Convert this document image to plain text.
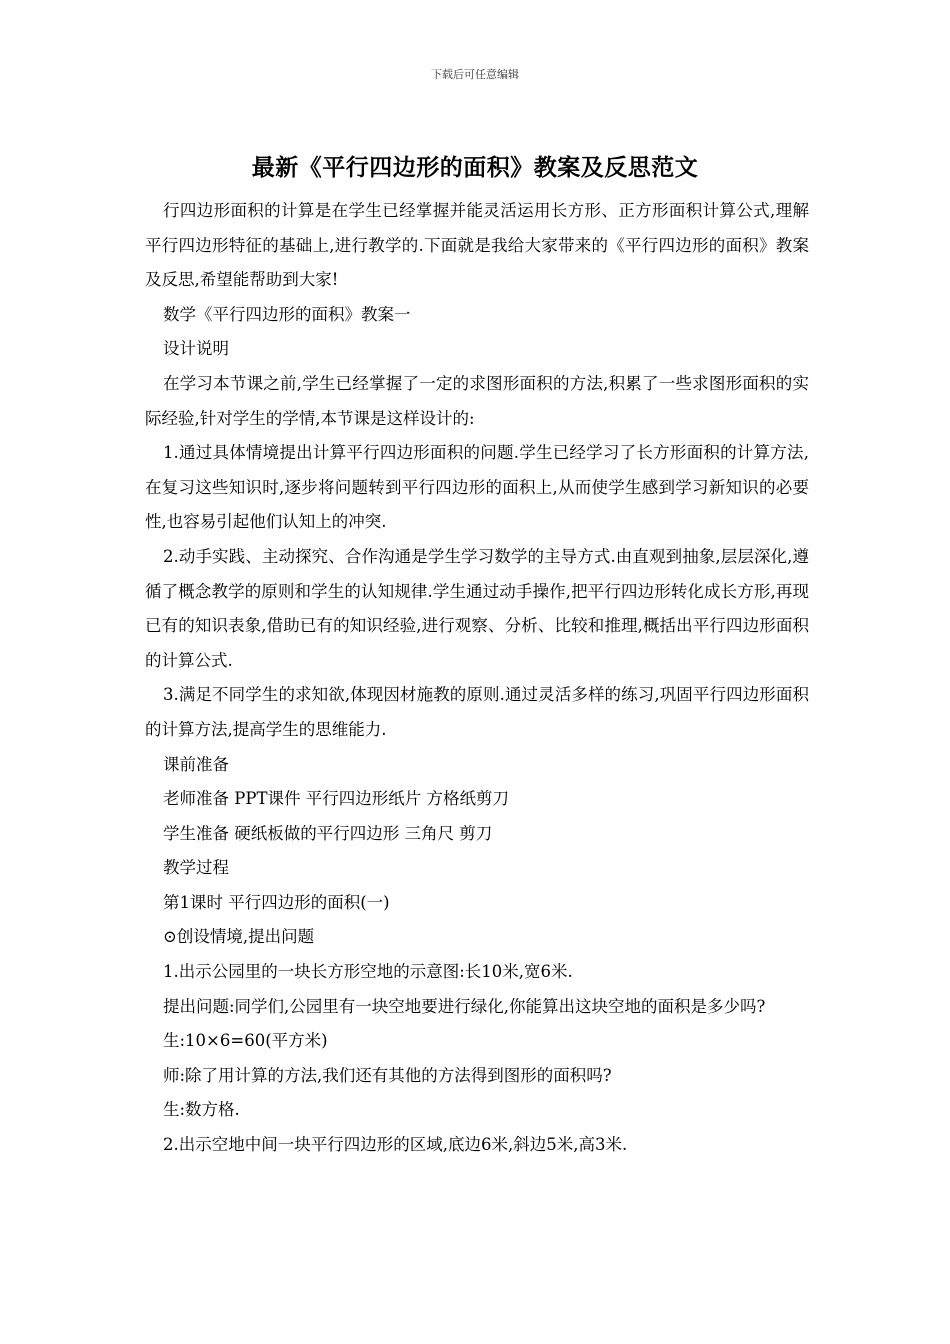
下载后可任意编辑
最新《平行四边形的面积》教案及反思范文

行四边形面积的计算是在学生已经掌握并能灵活运用长方形、正方形面积计算公式,理解平行四边形特征的基础上,进行教学的.下面就是我给大家带来的《平行四边形的面积》教案及反思,希望能帮助到大家!

数学《平行四边形的面积》教案一

设计说明

在学习本节课之前,学生已经掌握了一定的求图形面积的方法,积累了一些求图形面积的实际经验,针对学生的学情,本节课是这样设计的:

1.通过具体情境提出计算平行四边形面积的问题.学生已经学习了长方形面积的计算方法,在复习这些知识时,逐步将问题转到平行四边形的面积上,从而使学生感到学习新知识的必要性,也容易引起他们认知上的冲突.

2.动手实践、主动探究、合作沟通是学生学习数学的主导方式.由直观到抽象,层层深化,遵循了概念教学的原则和学生的认知规律.学生通过动手操作,把平行四边形转化成长方形,再现已有的知识表象,借助已有的知识经验,进行观察、分析、比较和推理,概括出平行四边形面积的计算公式.

3.满足不同学生的求知欲,体现因材施教的原则.通过灵活多样的练习,巩固平行四边形面积的计算方法,提高学生的思维能力.

课前准备

老师准备 PPT课件 平行四边形纸片 方格纸剪刀

学生准备 硬纸板做的平行四边形 三角尺 剪刀

教学过程

第1课时 平行四边形的面积(一)

⊙创设情境,提出问题

1.出示公园里的一块长方形空地的示意图:长10米,宽6米.

提出问题:同学们,公园里有一块空地要进行绿化,你能算出这块空地的面积是多少吗?

生:10×6=60(平方米)

师:除了用计算的方法,我们还有其他的方法得到图形的面积吗?

生:数方格.

2.出示空地中间一块平行四边形的区域,底边6米,斜边5米,高3米.
